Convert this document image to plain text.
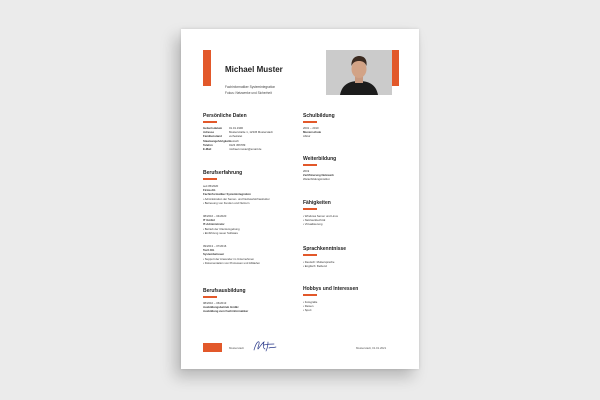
Michael Muster
Fachinformatiker Systemintegration
Fokus: Netzwerke und Sicherheit
Persönliche Daten
Geburtsdatum	01.01.1990
Adresse	Musterstraße 1, 12345 Musterstadt
Familienstand	verheiratet
Staatsangehörigkeit deutsch
Telefon	0123 456789
E-Mail	michael.muster@email.de
Berufserfahrung
seit 05/2020
Firma AG
Fachinformatiker Systemintegration
• Administration der Server- und Netzwerkinfrastruktur
• Betreuung von Kunden und Nutzern
08/2016 – 04/2020
IT GmbH
IT-Administrator
• Betrieb der Clientumgebung
• Einführung neuer Software
09/2013 – 07/2016
Tech KG
Systembetreuer
• Support der Anwender im Unternehmen
• Dokumentation von Prozessen und Abläufen
Berufsausbildung
08/2010 – 06/2013
Ausbildungsbetrieb GmbH
Ausbildung zum Fachinformatiker
Schulbildung
2001 – 2010
Musterschule
Abitur
Weiterbildung
2019
Zertifizierung Netzwerk
Weiterbildungsinstitut
Fähigkeiten
• Windows Server und Linux
• Netzwerktechnik
• Virtualisierung
Sprachkenntnisse
• Deutsch: Muttersprache
• Englisch: fließend
Hobbys und Interessen
• Fotografie
• Reisen
• Sport
Musterstadt	Musterstadt, 01.01.2021
